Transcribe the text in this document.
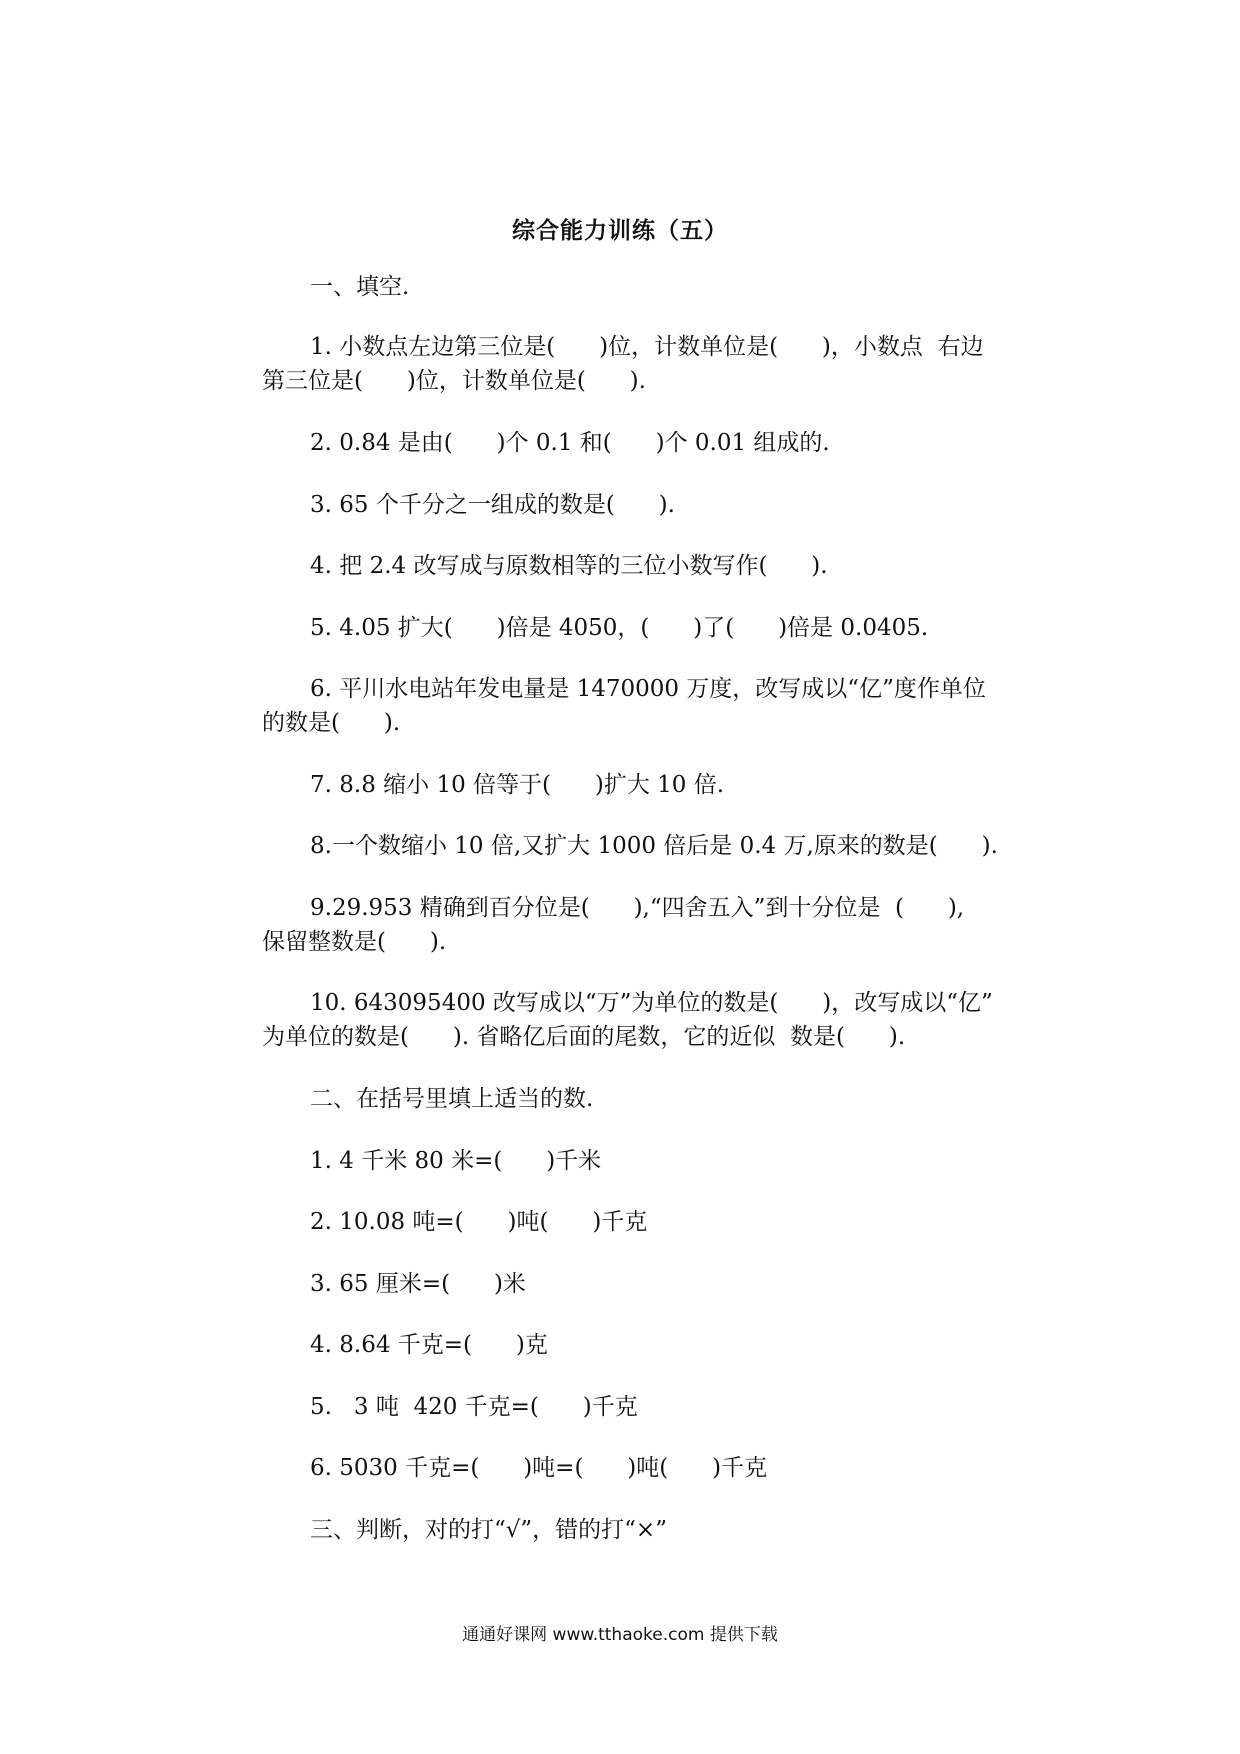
综合能力训练（五）
一、填空.
1. 小数点左边第三位是(      )位，计数单位是(      )，小数点  右边
第三位是(      )位，计数单位是(      ).
2. 0.84 是由(      )个 0.1 和(      )个 0.01 组成的.
3. 65 个千分之一组成的数是(      ).
4. 把 2.4 改写成与原数相等的三位小数写作(      ).
5. 4.05 扩大(      )倍是 4050，(      )了(      )倍是 0.0405.
6. 平川水电站年发电量是 1470000 万度，改写成以“亿”度作单位
的数是(      ).
7. 8.8 缩小 10 倍等于(      )扩大 10 倍.
8.一个数缩小 10 倍,又扩大 1000 倍后是 0.4 万,原来的数是(      ).
9.29.953 精确到百分位是(      ),“四舍五入”到十分位是  (      ),
保留整数是(      ).
10. 643095400 改写成以“万”为单位的数是(      )，改写成以“亿”
为单位的数是(      ). 省略亿后面的尾数，它的近似  数是(      ).
二、在括号里填上适当的数.
1. 4 千米 80 米=(      )千米
2. 10.08 吨=(      )吨(      )千克
3. 65 厘米=(      )米
4. 8.64 千克=(      )克
5.   3 吨  420 千克=(      )千克
6. 5030 千克=(      )吨=(      )吨(      )千克
三、判断，对的打“√”，错的打“×”
通通好课网 www.tthaoke.com 提供下载
